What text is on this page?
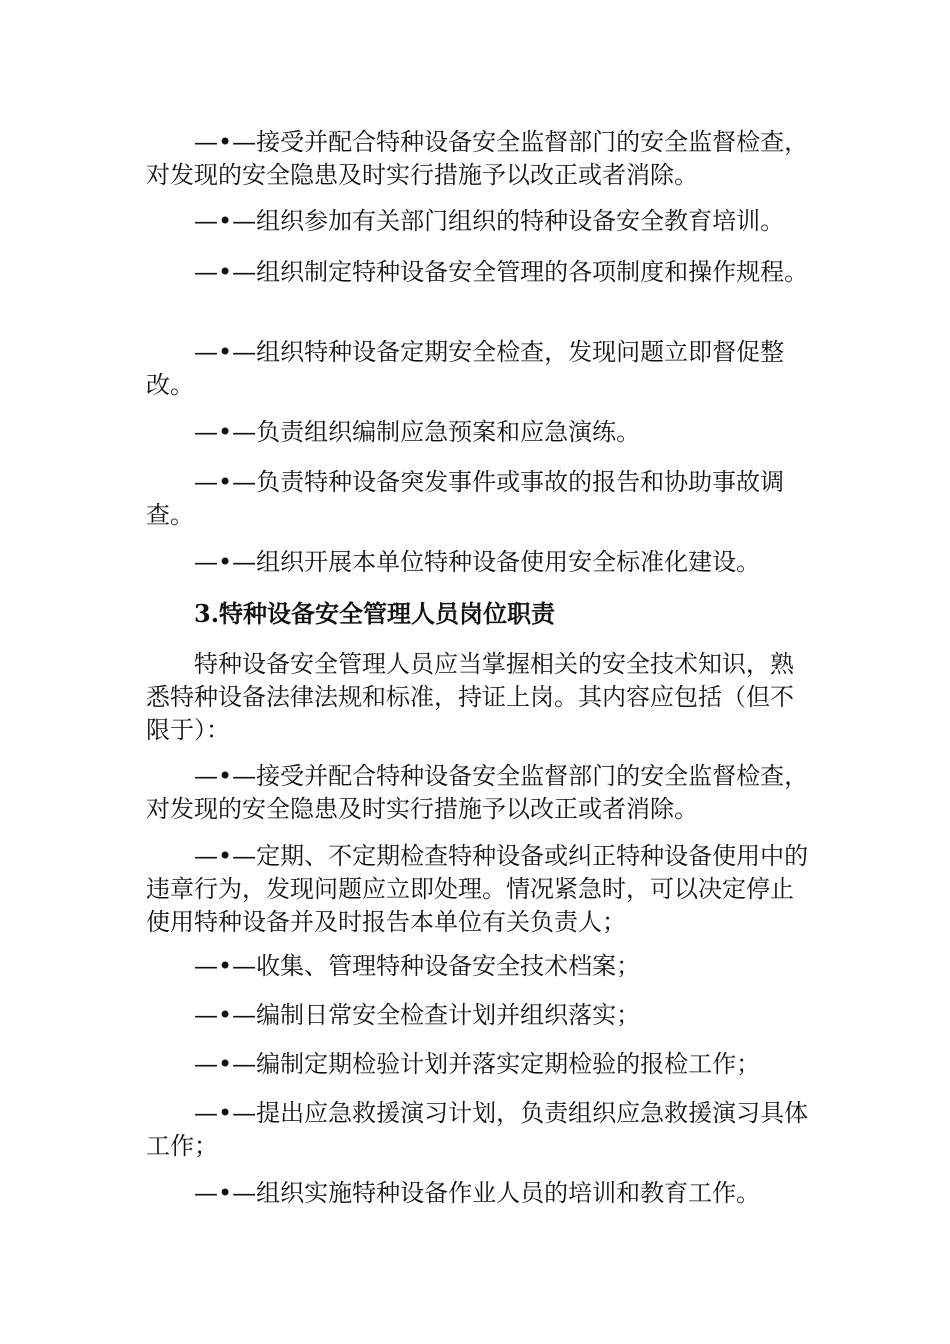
—•—接受并配合特种设备安全监督部门的安全监督检查，对发现的安全隐患及时实行措施予以改正或者消除。

—•—组织参加有关部门组织的特种设备安全教育培训。

—•—组织制定特种设备安全管理的各项制度和操作规程。

—•—组织特种设备定期安全检查，发现问题立即督促整改。

—•—负责组织编制应急预案和应急演练。

—•—负责特种设备突发事件或事故的报告和协助事故调查。

—•—组织开展本单位特种设备使用安全标准化建设。

3.特种设备安全管理人员岗位职责

特种设备安全管理人员应当掌握相关的安全技术知识，熟悉特种设备法律法规和标准，持证上岗。其内容应包括（但不限于）：

—•—接受并配合特种设备安全监督部门的安全监督检查，对发现的安全隐患及时实行措施予以改正或者消除。

—•—定期、不定期检查特种设备或纠正特种设备使用中的违章行为，发现问题应立即处理。情况紧急时，可以决定停止使用特种设备并及时报告本单位有关负责人；

—•—收集、管理特种设备安全技术档案；

—•—编制日常安全检查计划并组织落实；

—•—编制定期检验计划并落实定期检验的报检工作；

—•—提出应急救援演习计划，负责组织应急救援演习具体工作；

—•—组织实施特种设备作业人员的培训和教育工作。
